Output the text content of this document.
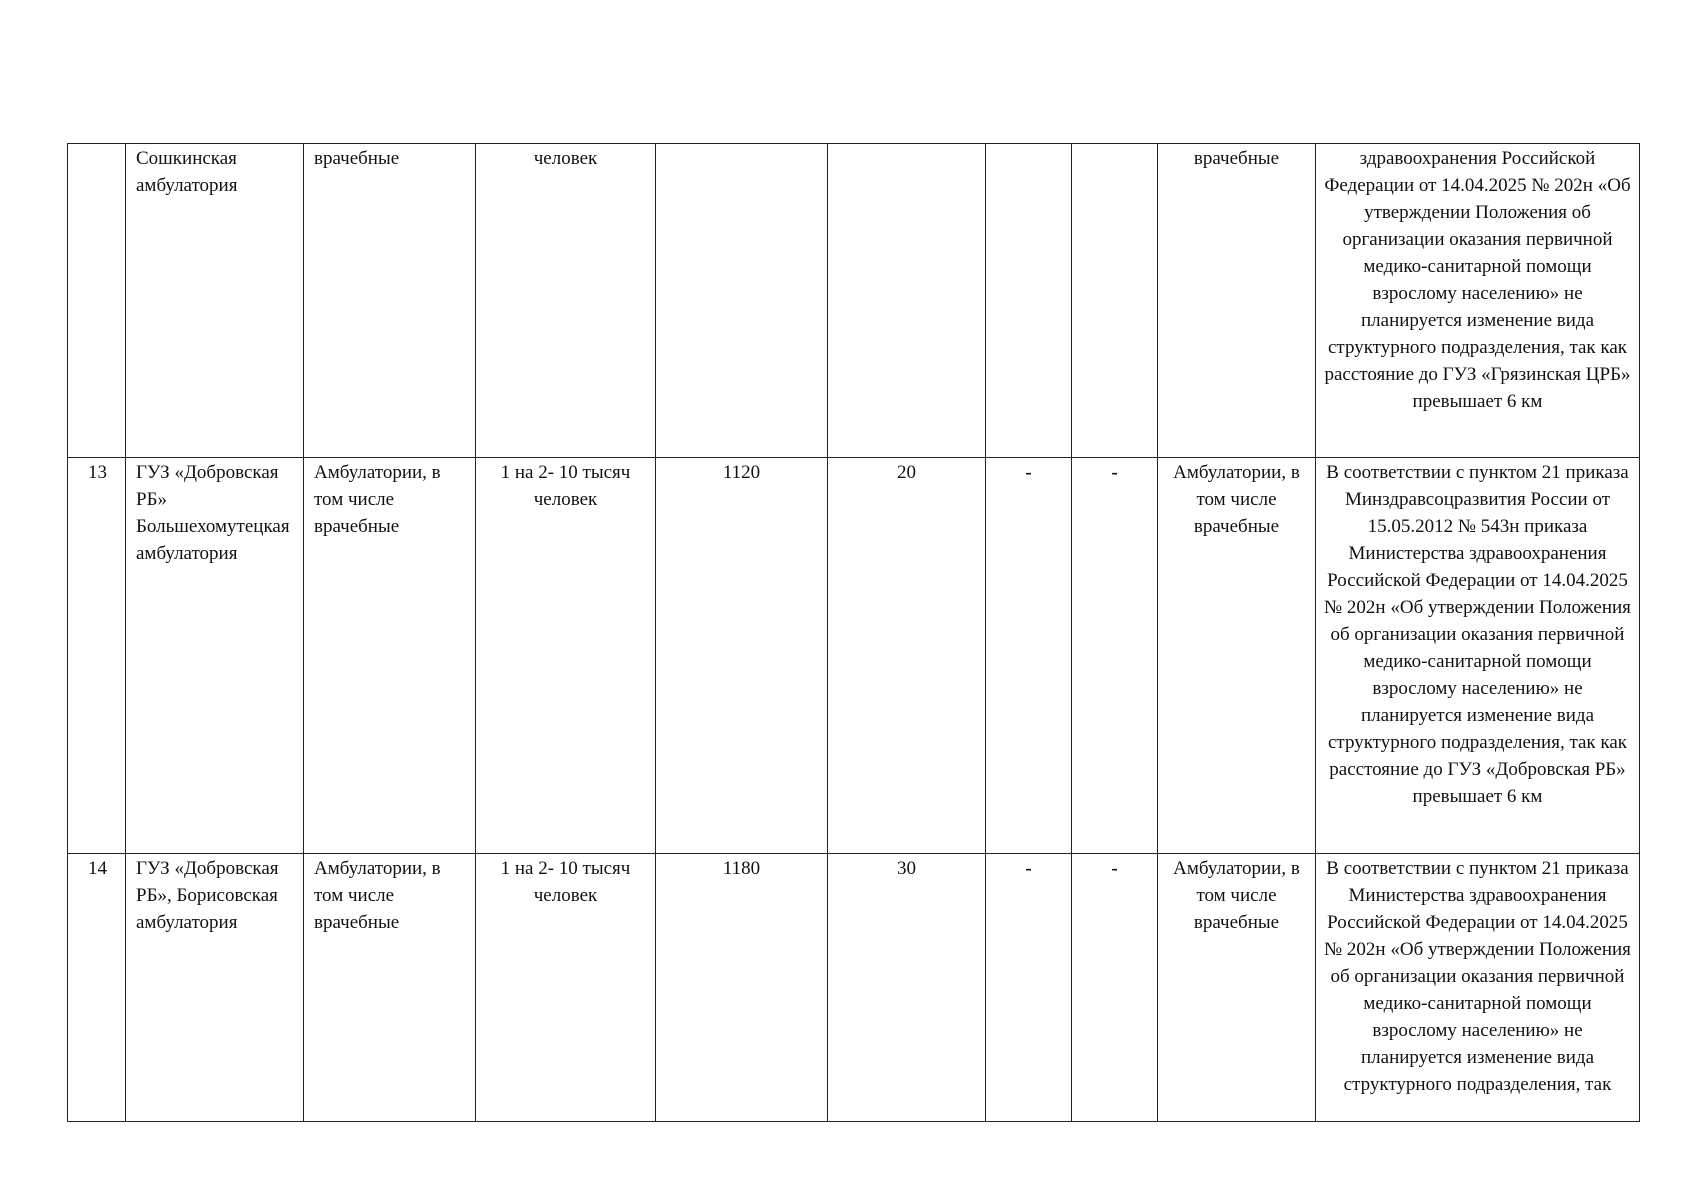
	Сошкинская амбулатория	врачебные	человек					врачебные	здравоохранения Российской Федерации от 14.04.2025 № 202н «Об утверждении Положения об организации оказания первичной медико-санитарной помощи взрослому населению» не планируется изменение вида структурного подразделения, так как расстояние до ГУЗ «Грязинская ЦРБ» превышает 6 км
13	ГУЗ «Добровская РБ» Большехомутецкая амбулатория	Амбулатории, в том числе врачебные	1 на 2- 10 тысяч человек	1120	20	-	-	Амбулатории, в том числе врачебные	В соответствии с пунктом 21 приказа Минздравсоцразвития России от 15.05.2012 № 543н приказа Министерства здравоохранения Российской Федерации от 14.04.2025 № 202н «Об утверждении Положения об организации оказания первичной медико-санитарной помощи взрослому населению» не планируется изменение вида структурного подразделения, так как расстояние до ГУЗ «Добровская РБ» превышает 6 км
14	ГУЗ «Добровская РБ», Борисовская амбулатория	Амбулатории, в том числе врачебные	1 на 2- 10 тысяч человек	1180	30	-	-	Амбулатории, в том числе врачебные	В соответствии с пунктом 21 приказа Министерства здравоохранения Российской Федерации от 14.04.2025 № 202н «Об утверждении Положения об организации оказания первичной медико-санитарной помощи взрослому населению» не планируется изменение вида структурного подразделения, так
